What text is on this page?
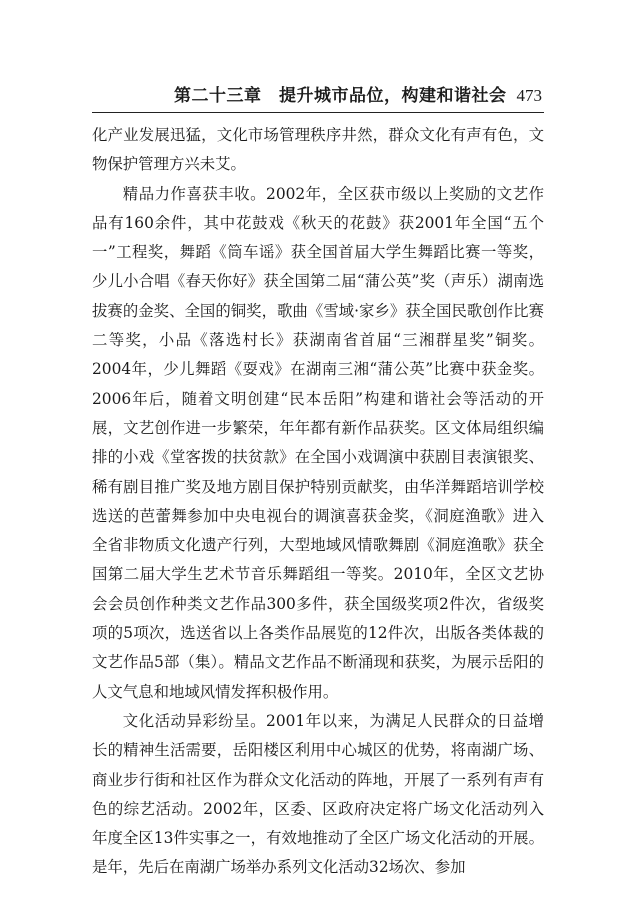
第二十三章　提升城市品位，构建和谐社会 473

化产业发展迅猛，文化市场管理秩序井然，群众文化有声有色，文物保护管理方兴未艾。

精品力作喜获丰收。2002年，全区获市级以上奖励的文艺作品有160余件，其中花鼓戏《秋天的花鼓》获2001年全国“五个一”工程奖，舞蹈《筒车谣》获全国首届大学生舞蹈比赛一等奖，少儿小合唱《春天你好》获全国第二届“蒲公英”奖（声乐）湖南选拔赛的金奖、全国的铜奖，歌曲《雪域·家乡》获全国民歌创作比赛二等奖，小品《落选村长》获湖南省首届“三湘群星奖”铜奖。2004年，少儿舞蹈《耍戏》在湖南三湘“蒲公英”比赛中获金奖。2006年后，随着文明创建“民本岳阳”构建和谐社会等活动的开展，文艺创作进一步繁荣，年年都有新作品获奖。区文体局组织编排的小戏《堂客拨的扶贫款》在全国小戏调演中获剧目表演银奖、稀有剧目推广奖及地方剧目保护特别贡献奖，由华洋舞蹈培训学校选送的芭蕾舞参加中央电视台的调演喜获金奖，《洞庭渔歌》进入全省非物质文化遗产行列，大型地域风情歌舞剧《洞庭渔歌》获全国第二届大学生艺术节音乐舞蹈组一等奖。2010年，全区文艺协会会员创作种类文艺作品300多件，获全国级奖项2件次，省级奖项的5项次，选送省以上各类作品展览的12件次，出版各类体裁的文艺作品5部（集）。精品文艺作品不断涌现和获奖，为展示岳阳的人文气息和地域风情发挥积极作用。

文化活动异彩纷呈。2001年以来，为满足人民群众的日益增长的精神生活需要，岳阳楼区利用中心城区的优势，将南湖广场、商业步行街和社区作为群众文化活动的阵地，开展了一系列有声有色的综艺活动。2002年，区委、区政府决定将广场文化活动列入年度全区13件实事之一，有效地推动了全区广场文化活动的开展。是年，先后在南湖广场举办系列文化活动32场次、参加
